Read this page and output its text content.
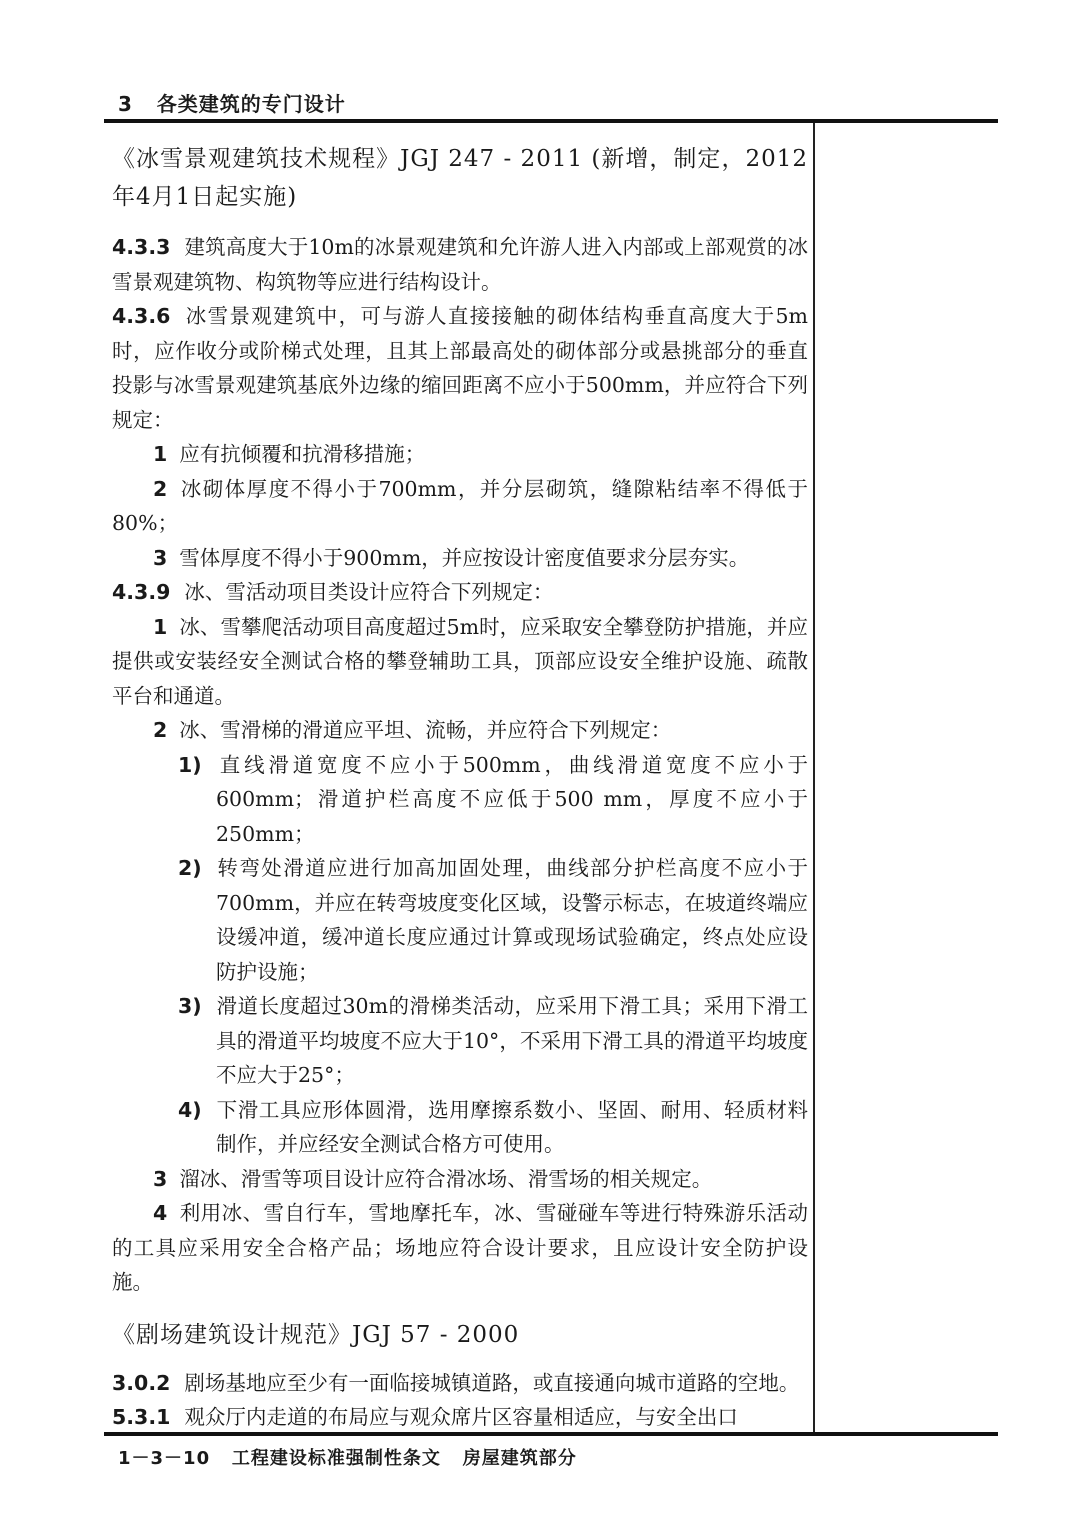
3   各类建筑的专门设计

《冰雪景观建筑技术规程》JGJ 247 - 2011 (新增，制定，2012年4月1日起实施)

4.3.3 建筑高度大于10m的冰景观建筑和允许游人进入内部或上部观赏的冰雪景观建筑物、构筑物等应进行结构设计。

4.3.6 冰雪景观建筑中，可与游人直接接触的砌体结构垂直高度大于5m时，应作收分或阶梯式处理，且其上部最高处的砌体部分或悬挑部分的垂直投影与冰雪景观建筑基底外边缘的缩回距离不应小于500mm，并应符合下列规定：

1 应有抗倾覆和抗滑移措施；

2 冰砌体厚度不得小于700mm，并分层砌筑，缝隙粘结率不得低于80%；

3 雪体厚度不得小于900mm，并应按设计密度值要求分层夯实。

4.3.9 冰、雪活动项目类设计应符合下列规定：

1 冰、雪攀爬活动项目高度超过5m时，应采取安全攀登防护措施，并应提供或安装经安全测试合格的攀登辅助工具，顶部应设安全维护设施、疏散平台和通道。

2 冰、雪滑梯的滑道应平坦、流畅，并应符合下列规定：

1) 直线滑道宽度不应小于500mm，曲线滑道宽度不应小于600mm；滑道护栏高度不应低于500 mm，厚度不应小于250mm；

2) 转弯处滑道应进行加高加固处理，曲线部分护栏高度不应小于700mm，并应在转弯坡度变化区域，设警示标志，在坡道终端应设缓冲道，缓冲道长度应通过计算或现场试验确定，终点处应设防护设施；

3) 滑道长度超过30m的滑梯类活动，应采用下滑工具；采用下滑工具的滑道平均坡度不应大于10°，不采用下滑工具的滑道平均坡度不应大于25°；

4) 下滑工具应形体圆滑，选用摩擦系数小、坚固、耐用、轻质材料制作，并应经安全测试合格方可使用。

3 溜冰、滑雪等项目设计应符合滑冰场、滑雪场的相关规定。

4 利用冰、雪自行车，雪地摩托车，冰、雪碰碰车等进行特殊游乐活动的工具应采用安全合格产品；场地应符合设计要求，且应设计安全防护设施。

《剧场建筑设计规范》JGJ 57 - 2000

3.0.2 剧场基地应至少有一面临接城镇道路，或直接通向城市道路的空地。

5.3.1 观众厅内走道的布局应与观众席片区容量相适应，与安全出口

1－3－10   工程建设标准强制性条文   房屋建筑部分
